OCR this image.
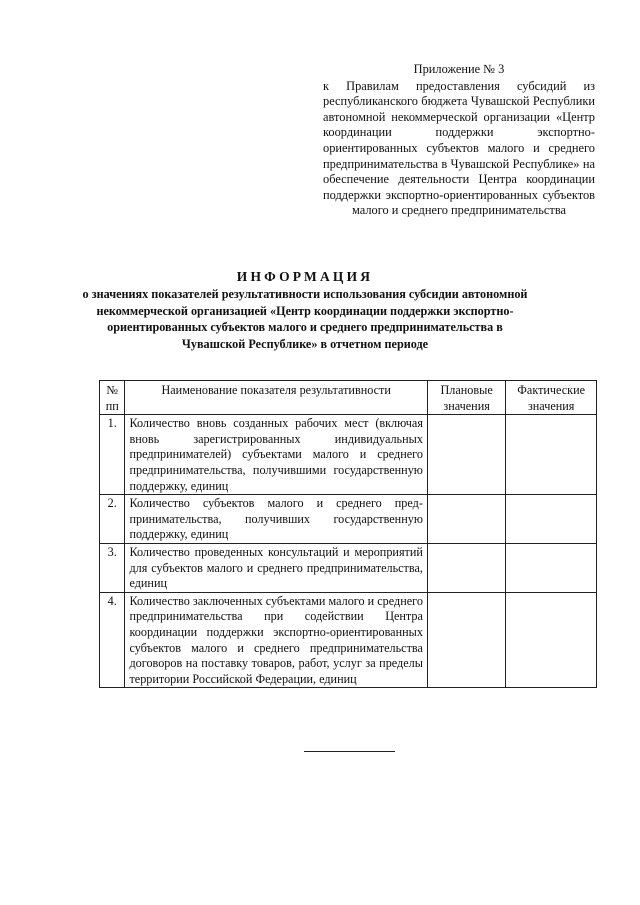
Приложение № 3
к Правилам предоставления субсидий из республиканского бюджета Чувашской Республики автономной некоммерческой организации «Центр координации поддержки экспортно-ориентированных субъектов малого и среднего предпринимательства в Чувашской Республике» на обеспечение деятельности Центра координации поддержки экспортно-ориентированных субъектов малого и среднего предпринимательства
ИНФОРМАЦИЯ
о значениях показателей результативности использования субсидии автономной некоммерческой организацией «Центр координации поддержки экспортно-ориентированных субъектов малого и среднего предпринимательства в Чувашской Республике» в отчетном периоде
№ пп	Наименование показателя результативности	Плановые значения	Фактические значения
1.	Количество вновь созданных рабочих мест (включая вновь зарегистрированных индивидуальных предпринимателей) субъектами малого и среднего предпринимательства, получившими государственную поддержку, единиц		
2.	Количество субъектов малого и среднего предпринимательства, получивших государственную поддержку, единиц		
3.	Количество проведенных консультаций и мероприятий для субъектов малого и среднего предпринимательства, единиц		
4.	Количество заключенных субъектами малого и среднего предпринимательства при содействии Центра координации поддержки экспортно-ориентированных субъектов малого и среднего предпринимательства договоров на поставку товаров, работ, услуг за пределы территории Российской Федерации, единиц		
